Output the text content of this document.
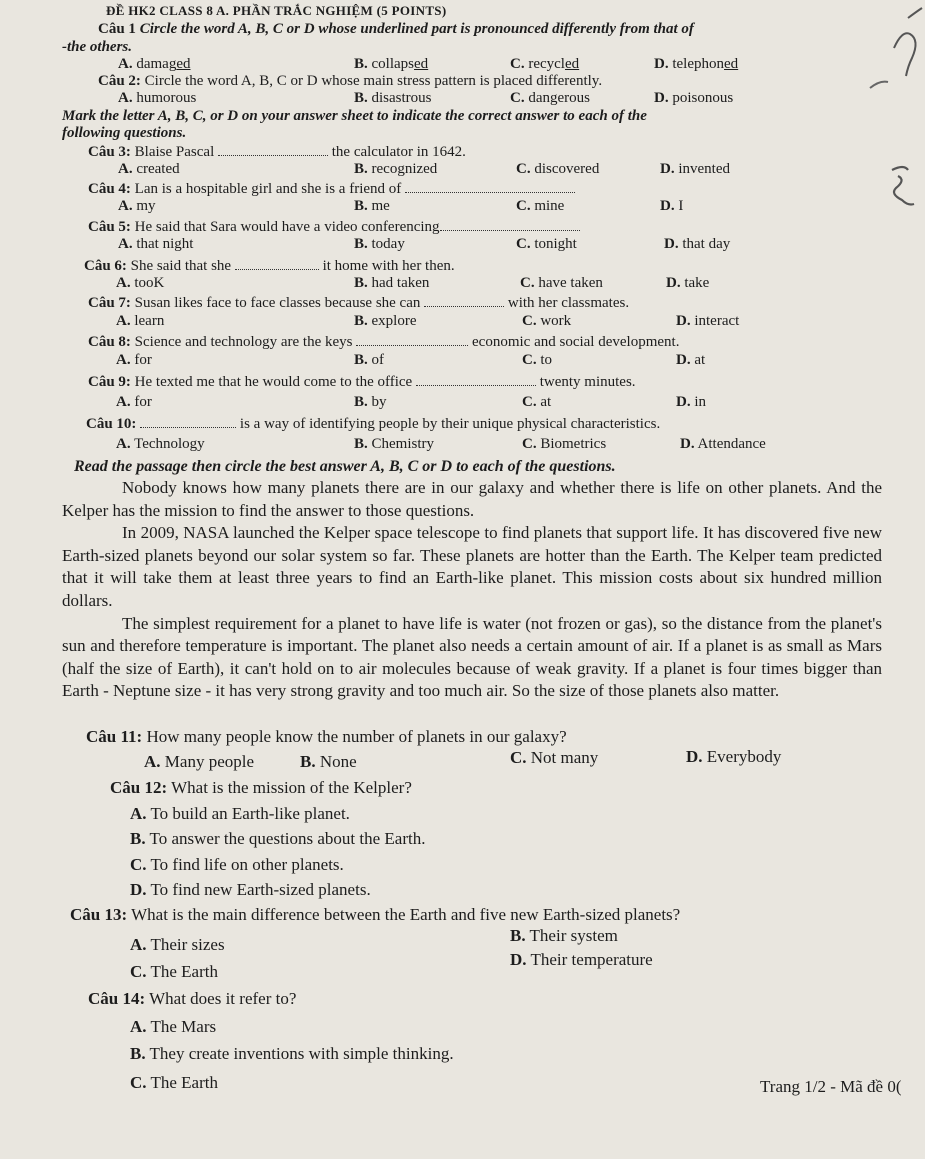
ĐỀ HK2 CLASS 8 A. PHẦN TRẮC NGHIỆM (5 POINTS)
Câu 1 Circle the word A, B, C or D whose underlined part is pronounced differently from that of
-the others.
A. damaged	B. collapsed	C. recycled	D. telephoned
Câu 2: Circle the word A, B, C or D whose main stress pattern is placed differently.
A. humorous	B. disastrous	C. dangerous	D. poisonous
Mark the letter A, B, C, or D on your answer sheet to indicate the correct answer to each of the
following questions.
Câu 3: Blaise Pascal	the calculator in 1642.
A. created	B. recognized	C. discovered	D. invented
Câu 4: Lan is a hospitable girl and she is a friend of
A. my	B. me	C. mine	D. I
Câu 5: He said that Sara would have a video conferencing
A. that night	B. today	C. tonight	D. that day
Câu 6: She said that she	it home with her then.
A. tooK	B. had taken	C. have taken	D. take
Câu 7: Susan likes face to face classes because she can	with her classmates.
A. learn	B. explore	C. work	D. interact
Câu 8: Science and technology are the keys	economic and social development.
A. for	B. of	C. to	D. at
Câu 9: He texted me that he would come to the office	twenty minutes.
A. for	B. by	C. at	D. in
Câu 10:	is a way of identifying people by their unique physical characteristics.
A. Technology	B. Chemistry	C. Biometrics	D. Attendance
Read the passage then circle the best answer A, B, C or D to each of the questions.

Nobody knows how many planets there are in our galaxy and whether there is life on other planets. And the Kelper has the mission to find the answer to those questions.

In 2009, NASA launched the Kelper space telescope to find planets that support life. It has discovered five new Earth-sized planets beyond our solar system so far. These planets are hotter than the Earth. The Kelper team predicted that it will take them at least three years to find an Earth-like planet. This mission costs about six hundred million dollars.

The simplest requirement for a planet to have life is water (not frozen or gas), so the distance from the planet's sun and therefore temperature is important. The planet also needs a certain amount of air. If a planet is as small as Mars (half the size of Earth), it can't hold on to air molecules because of weak gravity. If a planet is four times bigger than Earth - Neptune size - it has very strong gravity and too much air. So the size of those planets also matter.

Câu 11: How many people know the number of planets in our galaxy?
A. Many people	B. None	C. Not many	D. Everybody
Câu 12: What is the mission of the Kelpler?
A. To build an Earth-like planet.
B. To answer the questions about the Earth.
C. To find life on other planets.
D. To find new Earth-sized planets.
Câu 13: What is the main difference between the Earth and five new Earth-sized planets?
A. Their sizes	B. Their system
C. The Earth
D. Their temperature
Câu 14: What does it refer to?
A. The Mars
B. They create inventions with simple thinking.
C. The Earth	Trang 1/2 - Mã đề 0(
